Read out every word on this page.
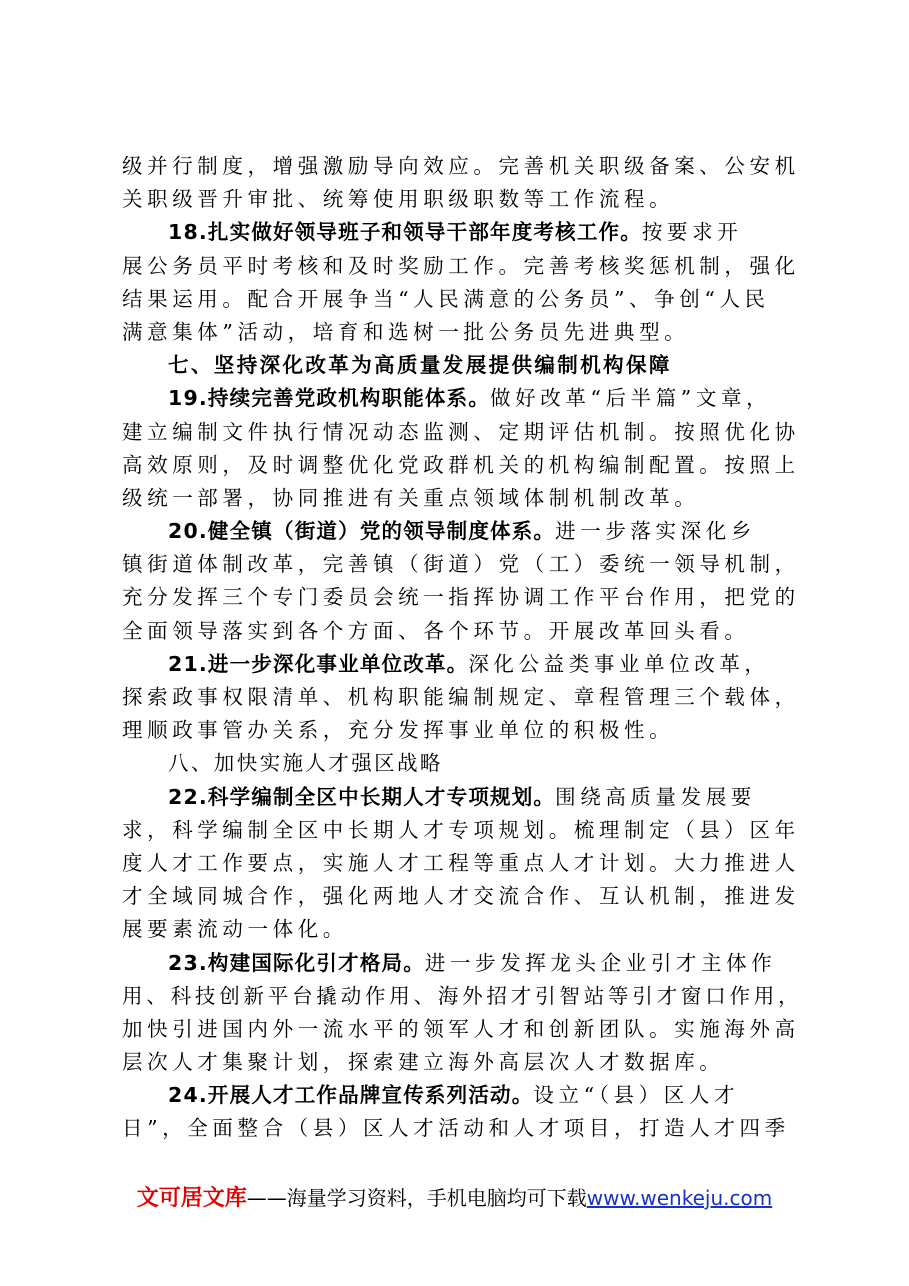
级并行制度，增强激励导向效应。完善机关职级备案、公安机
关职级晋升审批、统筹使用职级职数等工作流程。
18.扎实做好领导班子和领导干部年度考核工作。按要求开
展公务员平时考核和及时奖励工作。完善考核奖惩机制，强化
结果运用。配合开展争当“人民满意的公务员”、争创“人民
满意集体”活动，培育和选树一批公务员先进典型。
七、坚持深化改革为高质量发展提供编制机构保障
19.持续完善党政机构职能体系。做好改革“后半篇”文章，
建立编制文件执行情况动态监测、定期评估机制。按照优化协
高效原则，及时调整优化党政群机关的机构编制配置。按照上
级统一部署，协同推进有关重点领域体制机制改革。
20.健全镇（街道）党的领导制度体系。进一步落实深化乡
镇街道体制改革，完善镇（街道）党（工）委统一领导机制，
充分发挥三个专门委员会统一指挥协调工作平台作用，把党的
全面领导落实到各个方面、各个环节。开展改革回头看。
21.进一步深化事业单位改革。深化公益类事业单位改革，
探索政事权限清单、机构职能编制规定、章程管理三个载体，
理顺政事管办关系，充分发挥事业单位的积极性。
八、加快实施人才强区战略
22.科学编制全区中长期人才专项规划。围绕高质量发展要
求，科学编制全区中长期人才专项规划。梳理制定（县）区年
度人才工作要点，实施人才工程等重点人才计划。大力推进人
才全域同城合作，强化两地人才交流合作、互认机制，推进发
展要素流动一体化。
23.构建国际化引才格局。进一步发挥龙头企业引才主体作
用、科技创新平台撬动作用、海外招才引智站等引才窗口作用，
加快引进国内外一流水平的领军人才和创新团队。实施海外高
层次人才集聚计划，探索建立海外高层次人才数据库。
24.开展人才工作品牌宣传系列活动。设立“（县）区人才
日”，全面整合（县）区人才活动和人才项目，打造人才四季
文可居文库——海量学习资料，手机电脑均可下载www.wenkeju.com
